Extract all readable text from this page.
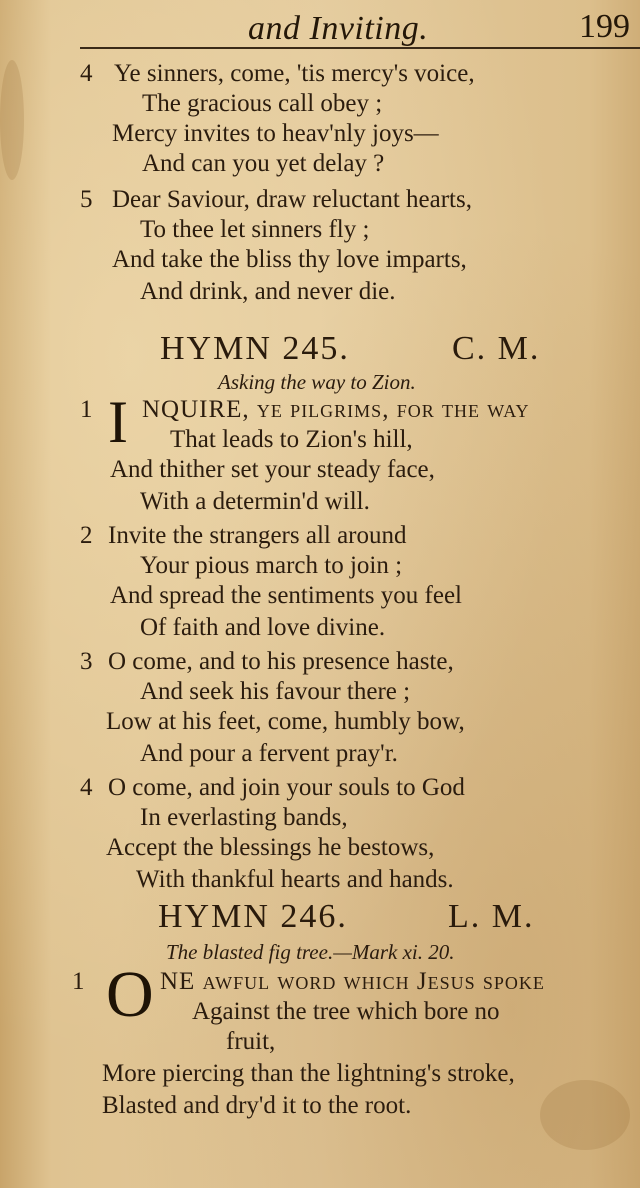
and Inviting.	199
4 Ye sinners, come, 'tis mercy's voice,
The gracious call obey ;
Mercy invites to heav'nly joys—
And can you yet delay ?
5 Dear Saviour, draw reluctant hearts,
To thee let sinners fly ;
And take the bliss thy love imparts,
And drink, and never die.
HYMN 245.	C. M.
Asking the way to Zion.
1 I NQUIRE, ye pilgrims, for the way
That leads to Zion's hill,
And thither set your steady face,
With a determin'd will.
2 Invite the strangers all around
Your pious march to join ;
And spread the sentiments you feel
Of faith and love divine.
3 O come, and to his presence haste,
And seek his favour there ;
Low at his feet, come, humbly bow,
And pour a fervent pray'r.
4 O come, and join your souls to God
In everlasting bands,
Accept the blessings he bestows,
With thankful hearts and hands.
HYMN 246.	L. M.
The blasted fig tree.—Mark xi. 20.
1 O NE awful word which Jesus spoke
Against the tree which bore no
fruit,
More piercing than the lightning's stroke,
Blasted and dry'd it to the root.
